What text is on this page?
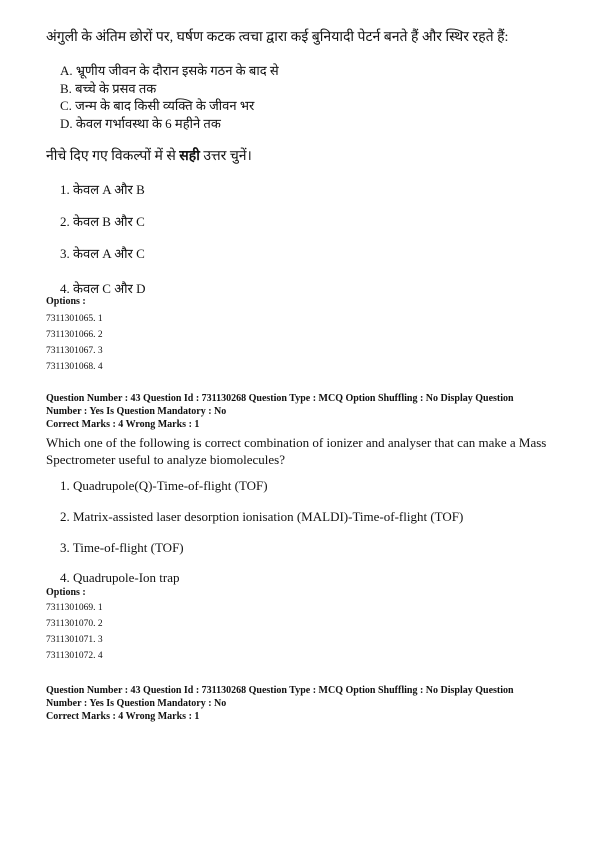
अंगुली के अंतिम छोरों पर, घर्षण कटक त्वचा द्वारा कई बुनियादी पेटर्न बनते हैं और स्थिर रहते हैं:
A. भ्रूणीय जीवन के दौरान इसके गठन के बाद से
B. बच्चे के प्रसव तक
C. जन्म के बाद किसी व्यक्ति के जीवन भर
D. केवल गर्भावस्था के 6 महीने तक
नीचे दिए गए विकल्पों में से सही उत्तर चुनें।
1. केवल A और B
2. केवल B और C
3. केवल A और C
4. केवल C और D
Options :
7311301065. 1
7311301066. 2
7311301067. 3
7311301068. 4
Question Number : 43 Question Id : 731130268 Question Type : MCQ Option Shuffling : No Display Question
Number : Yes Is Question Mandatory : No
Correct Marks : 4 Wrong Marks : 1
Which one of the following is correct combination of ionizer and analyser that can make a Mass Spectrometer useful to analyze biomolecules?
1. Quadrupole(Q)-Time-of-flight (TOF)
2. Matrix-assisted laser desorption ionisation (MALDI)-Time-of-flight (TOF)
3. Time-of-flight (TOF)
4. Quadrupole-Ion trap
Options :
7311301069. 1
7311301070. 2
7311301071. 3
7311301072. 4
Question Number : 43 Question Id : 731130268 Question Type : MCQ Option Shuffling : No Display Question
Number : Yes Is Question Mandatory : No
Correct Marks : 4 Wrong Marks : 1
